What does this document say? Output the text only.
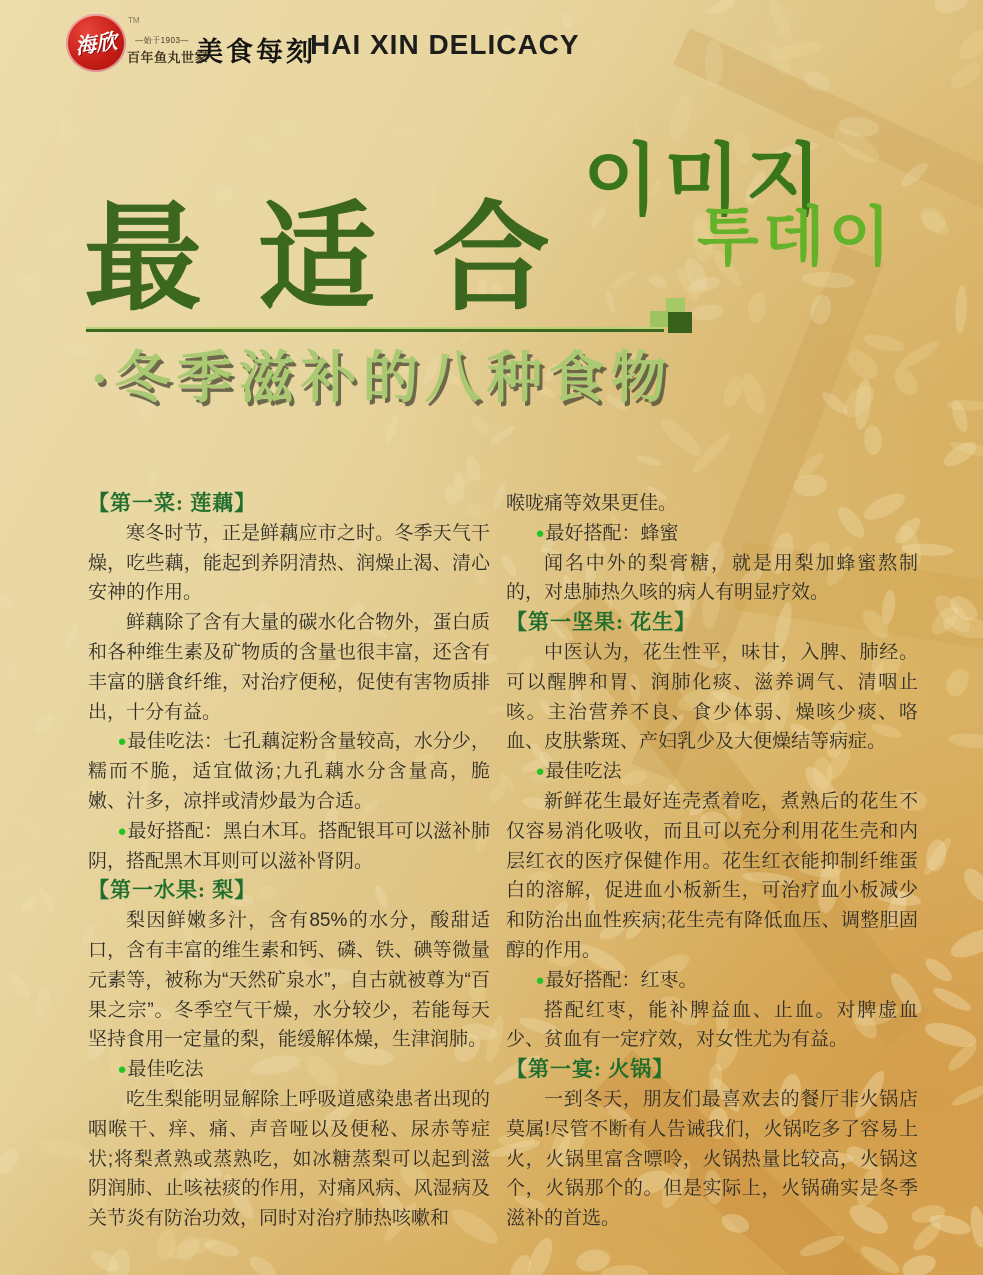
海欣
TM
—始于1903—
百年鱼丸世家
美食每刻
HAI XIN DELICACY
이미지
투데이
最适合
·冬季滋补的八种食物
【第一菜: 莲藕】
寒冬时节，正是鲜藕应市之时。冬季天气干燥，吃些藕，能起到养阴清热、润燥止渴、清心安神的作用。
鲜藕除了含有大量的碳水化合物外，蛋白质和各种维生素及矿物质的含量也很丰富，还含有丰富的膳食纤维，对治疗便秘，促使有害物质排出，十分有益。
●最佳吃法：七孔藕淀粉含量较高，水分少，糯而不脆，适宜做汤;九孔藕水分含量高，脆嫩、汁多，凉拌或清炒最为合适。
●最好搭配：黑白木耳。搭配银耳可以滋补肺阴，搭配黑木耳则可以滋补肾阴。
【第一水果: 梨】
梨因鲜嫩多汁，含有85%的水分，酸甜适口，含有丰富的维生素和钙、磷、铁、碘等微量元素等，被称为“天然矿泉水”，自古就被尊为“百果之宗”。冬季空气干燥，水分较少，若能每天坚持食用一定量的梨，能缓解体燥，生津润肺。
●最佳吃法
吃生梨能明显解除上呼吸道感染患者出现的咽喉干、痒、痛、声音哑以及便秘、尿赤等症状;将梨煮熟或蒸熟吃，如冰糖蒸梨可以起到滋阴润肺、止咳祛痰的作用，对痛风病、风湿病及关节炎有防治功效，同时对治疗肺热咳嗽和
喉咙痛等效果更佳。
●最好搭配：蜂蜜
闻名中外的梨膏糖，就是用梨加蜂蜜熬制的，对患肺热久咳的病人有明显疗效。
【第一坚果: 花生】
中医认为，花生性平，味甘，入脾、肺经。可以醒脾和胃、润肺化痰、滋养调气、清咽止咳。主治营养不良、食少体弱、燥咳少痰、咯血、皮肤紫斑、产妇乳少及大便燥结等病症。
●最佳吃法
新鲜花生最好连壳煮着吃，煮熟后的花生不仅容易消化吸收，而且可以充分利用花生壳和内层红衣的医疗保健作用。花生红衣能抑制纤维蛋白的溶解，促进血小板新生，可治疗血小板减少和防治出血性疾病;花生壳有降低血压、调整胆固醇的作用。
●最好搭配：红枣。
搭配红枣，能补脾益血、止血。对脾虚血少、贫血有一定疗效，对女性尤为有益。
【第一宴: 火锅】
一到冬天，朋友们最喜欢去的餐厅非火锅店莫属!尽管不断有人告诫我们，火锅吃多了容易上火，火锅里富含嘌呤，火锅热量比较高，火锅这个，火锅那个的。但是实际上，火锅确实是冬季滋补的首选。
